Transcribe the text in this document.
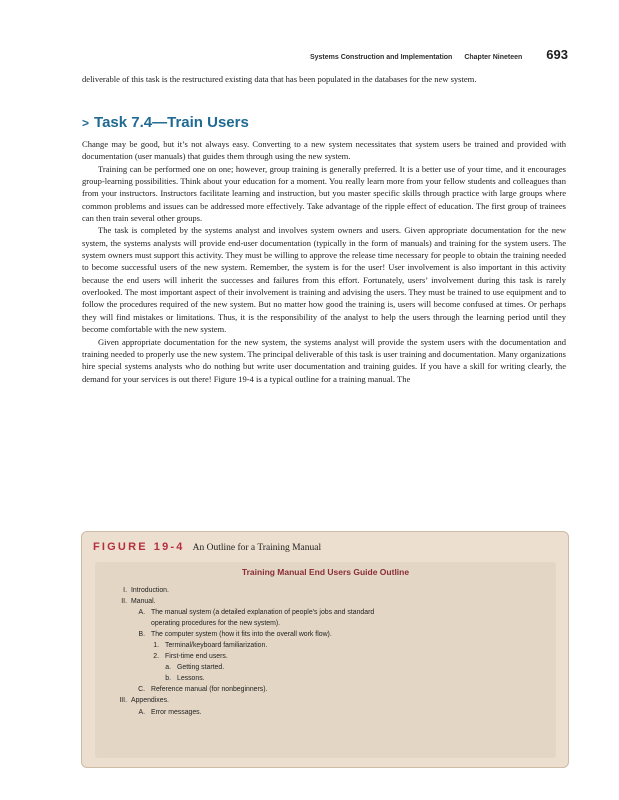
Systems Construction and Implementation Chapter Nineteen 693

deliverable of this task is the restructured existing data that has been populated in the databases for the new system.

> Task 7.4—Train Users

Change may be good, but it’s not always easy. Converting to a new system necessitates that system users be trained and provided with documentation (user manuals) that guides them through using the new system.

Training can be performed one on one; however, group training is generally preferred. It is a better use of your time, and it encourages group-learning possibilities. Think about your education for a moment. You really learn more from your fellow students and colleagues than from your instructors. Instructors facilitate learning and instruction, but you master specific skills through practice with large groups where common problems and issues can be addressed more effectively. Take advantage of the ripple effect of education. The first group of trainees can then train several other groups.

The task is completed by the systems analyst and involves system owners and users. Given appropriate documentation for the new system, the systems analysts will provide end-user documentation (typically in the form of manuals) and training for the system users. The system owners must support this activity. They must be willing to approve the release time necessary for people to obtain the training needed to become successful users of the new system. Remember, the system is for the user! User involvement is also important in this activity because the end users will inherit the successes and failures from this effort. Fortunately, users’ involvement during this task is rarely overlooked. The most important aspect of their involvement is training and advising the users. They must be trained to use equipment and to follow the procedures required of the new system. But no matter how good the training is, users will become confused at times. Or perhaps they will find mistakes or limitations. Thus, it is the responsibility of the analyst to help the users through the learning period until they become comfortable with the new system.

Given appropriate documentation for the new system, the systems analyst will provide the system users with the documentation and training needed to properly use the new system. The principal deliverable of this task is user training and documentation. Many organizations hire special systems analysts who do nothing but write user documentation and training guides. If you have a skill for writing clearly, the demand for your services is out there! Figure 19-4 is a typical outline for a training manual. The

FIGURE 19-4 An Outline for a Training Manual
Training Manual End Users Guide Outline
I. Introduction.
II. Manual.
A. The manual system (a detailed explanation of people’s jobs and standard
operating procedures for the new system).
B. The computer system (how it fits into the overall work flow).
1. Terminal/keyboard familiarization.
2. First-time end users.
a. Getting started.
b. Lessons.
C. Reference manual (for nonbeginners).
III. Appendixes.
A. Error messages.
